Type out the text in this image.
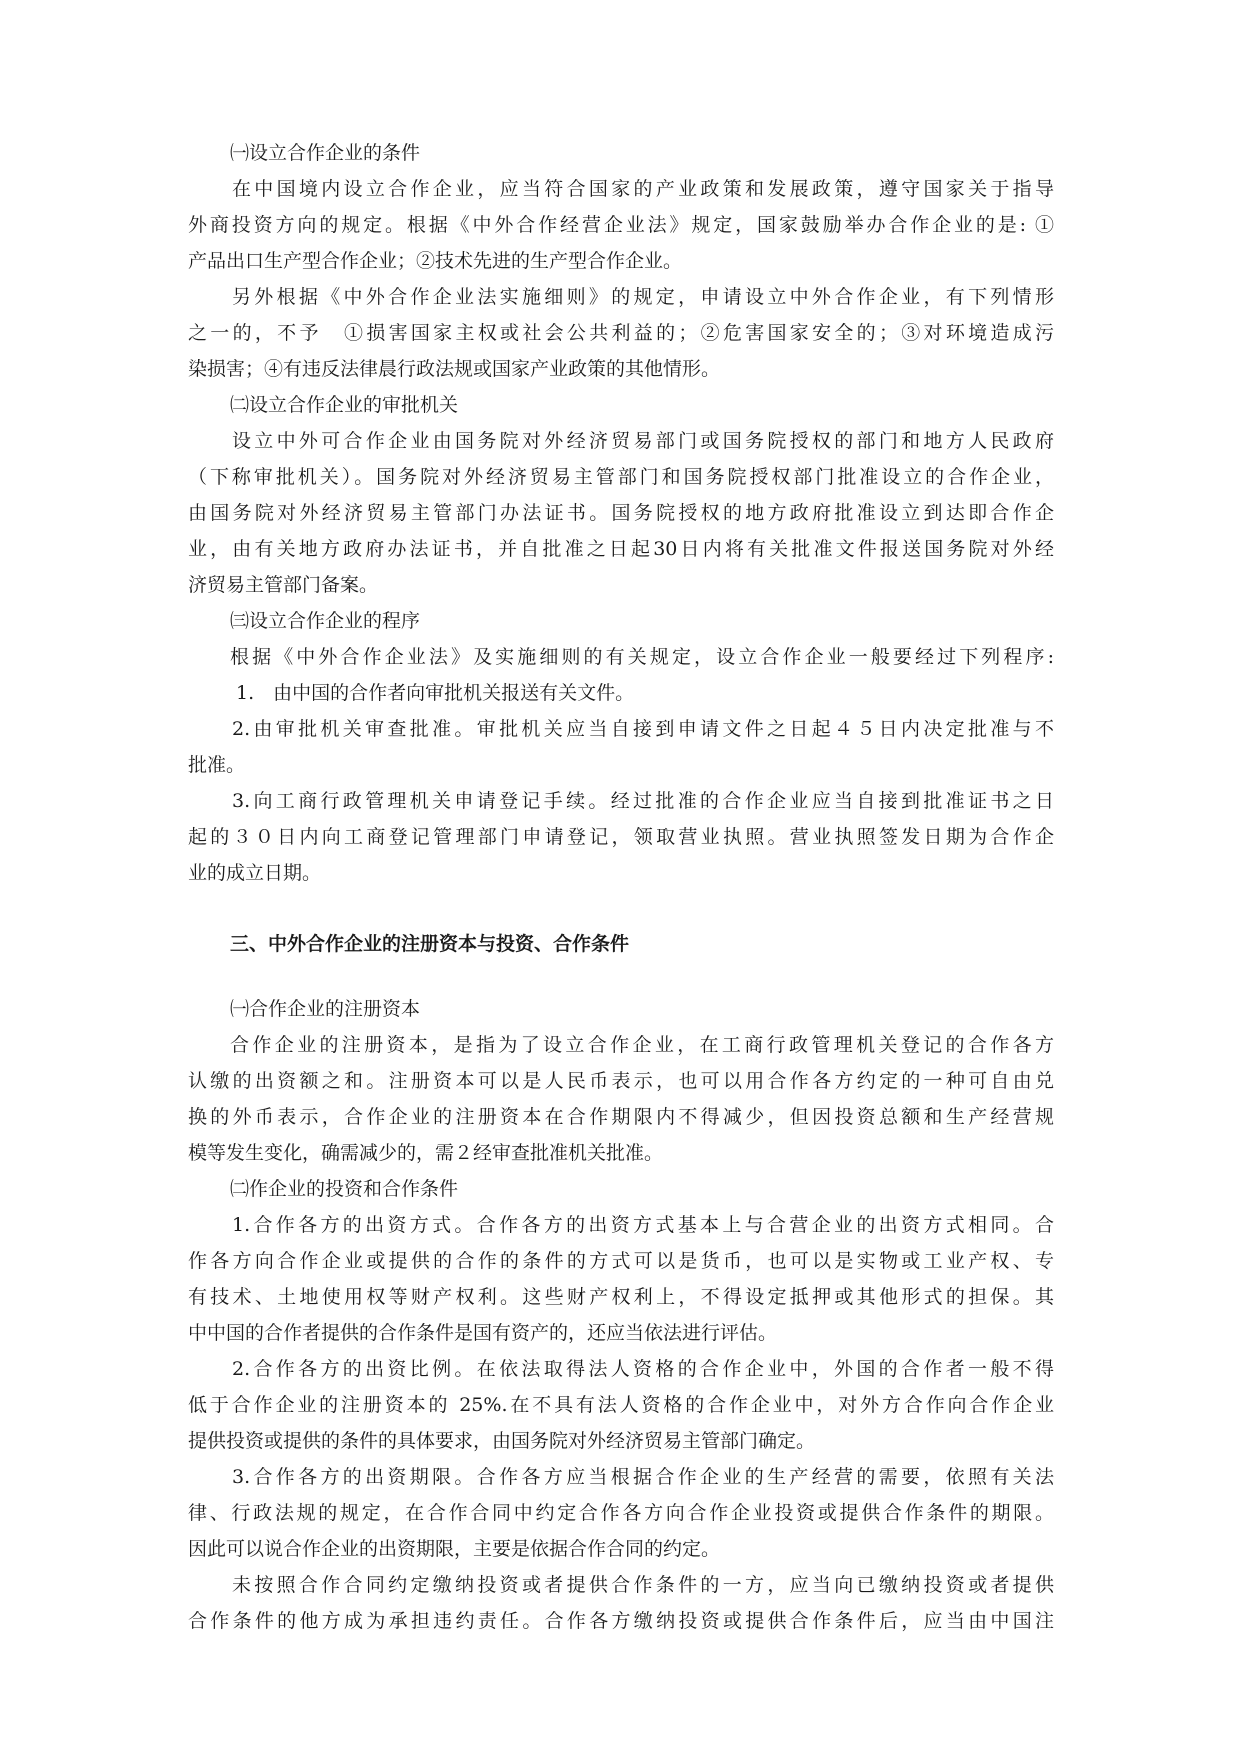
㈠设立合作企业的条件
在中国境内设立合作企业，应当符合国家的产业政策和发展政策，遵守国家关于指导
外商投资方向的规定。根据《中外合作经营企业法》规定，国家鼓励举办合作企业的是: ①
产品出口生产型合作企业；②技术先进的生产型合作企业。
另外根据《中外合作企业法实施细则》的规定，申请设立中外合作企业，有下列情形
之一的，不予　①损害国家主权或社会公共利益的；②危害国家安全的；③对环境造成污
染损害；④有违反法律晨行政法规或国家产业政策的其他情形。
㈡设立合作企业的审批机关
设立中外可合作企业由国务院对外经济贸易部门或国务院授权的部门和地方人民政府
（下称审批机关）。国务院对外经济贸易主管部门和国务院授权部门批准设立的合作企业，
由国务院对外经济贸易主管部门办法证书。国务院授权的地方政府批准设立到达即合作企
业，由有关地方政府办法证书，并自批准之日起30日内将有关批准文件报送国务院对外经
济贸易主管部门备案。
㈢设立合作企业的程序
根据《中外合作企业法》及实施细则的有关规定，设立合作企业一般要经过下列程序:
1.　由中国的合作者向审批机关报送有关文件。
2.由审批机关审查批准。审批机关应当自接到申请文件之日起４５日内决定批准与不
批准。
3.向工商行政管理机关申请登记手续。经过批准的合作企业应当自接到批准证书之日
起的３０日内向工商登记管理部门申请登记，领取营业执照。营业执照签发日期为合作企
业的成立日期。
三、中外合作企业的注册资本与投资、合作条件
㈠合作企业的注册资本
合作企业的注册资本，是指为了设立合作企业，在工商行政管理机关登记的合作各方
认缴的出资额之和。注册资本可以是人民币表示，也可以用合作各方约定的一种可自由兑
换的外币表示，合作企业的注册资本在合作期限内不得减少，但因投资总额和生产经营规
模等发生变化，确需减少的，需２经审查批准机关批准。
㈡作企业的投资和合作条件
1.合作各方的出资方式。合作各方的出资方式基本上与合营企业的出资方式相同。合
作各方向合作企业或提供的合作的条件的方式可以是货币，也可以是实物或工业产权、专
有技术、土地使用权等财产权利。这些财产权利上，不得设定抵押或其他形式的担保。其
中中国的合作者提供的合作条件是国有资产的，还应当依法进行评估。
2.合作各方的出资比例。在依法取得法人资格的合作企业中，外国的合作者一般不得
低于合作企业的注册资本的 25%.在不具有法人资格的合作企业中，对外方合作向合作企业
提供投资或提供的条件的具体要求，由国务院对外经济贸易主管部门确定。
3.合作各方的出资期限。合作各方应当根据合作企业的生产经营的需要，依照有关法
律、行政法规的规定，在合作合同中约定合作各方向合作企业投资或提供合作条件的期限。
因此可以说合作企业的出资期限，主要是依据合作合同的约定。
未按照合作合同约定缴纳投资或者提供合作条件的一方，应当向已缴纳投资或者提供
合作条件的他方成为承担违约责任。合作各方缴纳投资或提供合作条件后，应当由中国注
